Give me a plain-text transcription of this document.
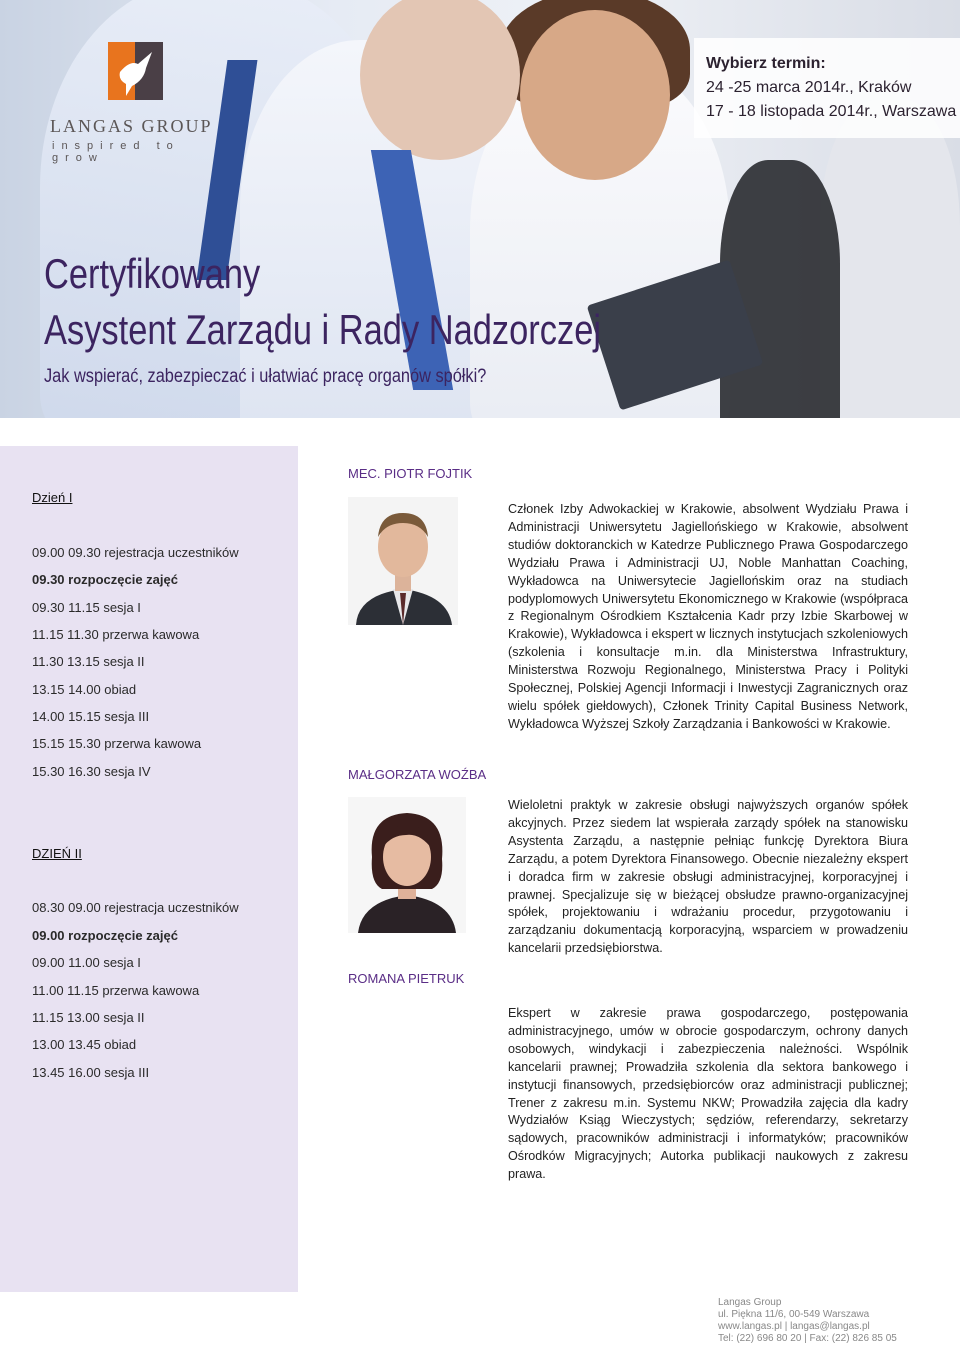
LANGAS GROUP
inspired to grow
Wybierz termin:
24 -25 marca 2014r., Kraków
17 - 18 listopada 2014r., Warszawa
Certyfikowany
Asystent Zarządu i Rady Nadzorczej
Jak wspierać, zabezpieczać i ułatwiać pracę organów spółki?
Dzień I
09.00 09.30 rejestracja uczestników
09.30 rozpoczęcie zajęć
09.30 11.15 sesja I
11.15 11.30 przerwa kawowa
11.30 13.15 sesja II
13.15 14.00 obiad
14.00 15.15 sesja III
15.15 15.30 przerwa kawowa
15.30 16.30 sesja IV
DZIEŃ II
08.30 09.00 rejestracja uczestników
09.00 rozpoczęcie zajęć
09.00 11.00 sesja I
11.00 11.15 przerwa kawowa
11.15 13.00 sesja II
13.00 13.45 obiad
13.45 16.00 sesja III
MEC. PIOTR FOJTIK
MAŁGORZATA WOŹBA
ROMANA PIETRUK
Członek Izby Adwokackiej w Krakowie, absolwent Wydziału Prawa i Administracji Uniwersytetu Jagiellońskiego w Krakowie, absolwent studiów doktoranckich w Katedrze Publicznego Prawa Gospodarczego Wydziału Prawa i Administracji UJ, Noble Manhattan Coaching, Wykładowca na Uniwersytecie Jagiellońskim oraz na studiach podyplomowych Uniwersytetu Ekonomicznego w Krakowie (współpraca z Regionalnym Ośrodkiem Kształcenia Kadr przy Izbie Skarbowej w Krakowie), Wykładowca i ekspert w licznych instytucjach szkoleniowych (szkolenia i konsultacje m.in. dla Ministerstwa Infrastruktury, Ministerstwa Rozwoju Regionalnego, Ministerstwa Pracy i Polityki Społecznej, Polskiej Agencji Informacji i Inwestycji Zagranicznych oraz wielu spółek giełdowych), Członek Trinity Capital Business Network, Wykładowca Wyższej Szkoły Zarządzania i Bankowości w Krakowie.
Wieloletni praktyk w zakresie obsługi najwyższych organów spółek akcyjnych. Przez siedem lat wspierała zarządy spółek na stanowisku Asystenta Zarządu, a następnie pełniąc funkcję Dyrektora Biura Zarządu, a potem Dyrektora Finansowego. Obecnie niezależny ekspert i doradca firm w zakresie obsługi administracyjnej, korporacyjnej i prawnej. Specjalizuje się w bieżącej obsłudze prawno-organizacyjnej spółek, projektowaniu i wdrażaniu procedur, przygotowaniu i zarządzaniu dokumentacją korporacyjną, wsparciem w prowadzeniu kancelarii przedsiębiorstwa.
Ekspert w zakresie prawa gospodarczego, postępowania administracyjnego, umów w obrocie gospodarczym, ochrony danych osobowych, windykacji i zabezpieczenia należności. Wspólnik kancelarii prawnej; Prowadziła szkolenia dla sektora bankowego i instytucji finansowych, przedsiębiorców oraz administracji publicznej; Trener z zakresu m.in. Systemu NKW; Prowadziła zajęcia dla kadry Wydziałów Ksiąg Wieczystych; sędziów, referendarzy, sekretarzy sądowych, pracowników administracji i informatyków; pracowników Ośrodków Migracyjnych; Autorka publikacji naukowych z zakresu prawa.
Langas Group
ul. Piękna 11/6, 00-549 Warszawa
www.langas.pl | langas@langas.pl
Tel: (22) 696 80 20 | Fax: (22) 826 85 05
